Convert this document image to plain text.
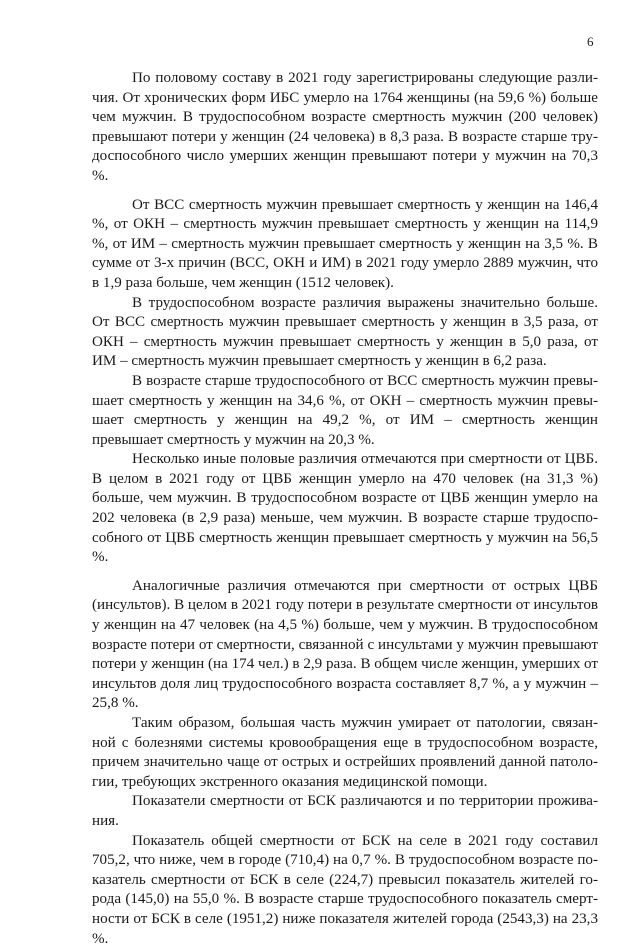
6

По половому составу в 2021 году зарегистрированы следующие различия. От хронических форм ИБС умерло на 1764 женщины (на 59,6 %) больше чем мужчин. В трудоспособном возрасте смертность мужчин (200 человек) превышают потери у женщин (24 человека) в 8,3 раза. В возрасте старше трудоспособного число умерших женщин превышают потери у мужчин на 70,3 %.

От ВСС смертность мужчин превышает смертность у женщин на 146,4 %, от ОКН – смертность мужчин превышает смертность у женщин на 114,9 %, от ИМ – смертность мужчин превышает смертность у женщин на 3,5 %. В сумме от 3-х причин (ВСС, ОКН и ИМ) в 2021 году умерло 2889 мужчин, что в 1,9 раза больше, чем женщин (1512 человек).

В трудоспособном возрасте различия выражены значительно больше. От ВСС смертность мужчин превышает смертность у женщин в 3,5 раза, от ОКН – смертность мужчин превышает смертность у женщин в 5,0 раза, от ИМ – смертность мужчин превышает смертность у женщин в 6,2 раза.

В возрасте старше трудоспособного от ВСС смертность мужчин превышает смертность у женщин на 34,6 %, от ОКН – смертность мужчин превышает смертность у женщин на 49,2 %, от ИМ – смертность женщин превышает смертность у мужчин на 20,3 %.

Несколько иные половые различия отмечаются при смертности от ЦВБ. В целом в 2021 году от ЦВБ женщин умерло на 470 человек (на 31,3 %) больше, чем мужчин. В трудоспособном возрасте от ЦВБ женщин умерло на 202 человека (в 2,9 раза) меньше, чем мужчин. В возрасте старше трудоспособного от ЦВБ смертность женщин превышает смертность у мужчин на 56,5 %.

Аналогичные различия отмечаются при смертности от острых ЦВБ (инсультов). В целом в 2021 году потери в результате смертности от инсультов у женщин на 47 человек (на 4,5 %) больше, чем у мужчин. В трудоспособном возрасте потери от смертности, связанной с инсультами у мужчин превышают потери у женщин (на 174 чел.) в 2,9 раза. В общем числе женщин, умерших от инсультов доля лиц трудоспособного возраста составляет 8,7 %, а у мужчин – 25,8 %.

Таким образом, большая часть мужчин умирает от патологии, связанной с болезнями системы кровообращения еще в трудоспособном возрасте, причем значительно чаще от острых и острейших проявлений данной патологии, требующих экстренного оказания медицинской помощи.

Показатели смертности от БСК различаются и по территории проживания.

Показатель общей смертности от БСК на селе в 2021 году составил 705,2, что ниже, чем в городе (710,4) на 0,7 %. В трудоспособном возрасте показатель смертности от БСК в селе (224,7) превысил показатель жителей города (145,0) на 55,0 %. В возрасте старше трудоспособного показатель смертности от БСК в селе (1951,2) ниже показателя жителей города (2543,3) на 23,3 %.
